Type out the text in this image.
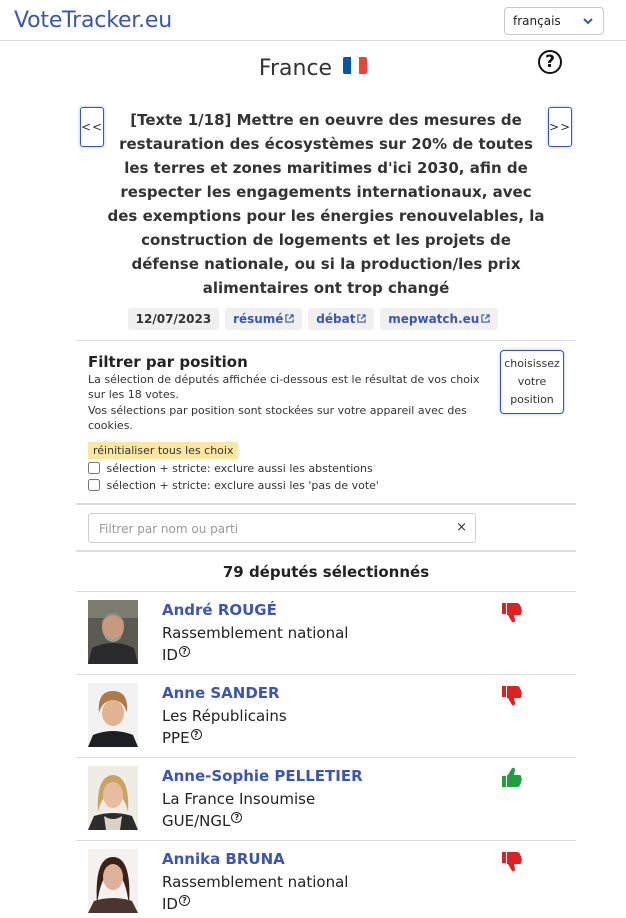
VoteTracker.eu	français
France	?
<<	[Texte 1/18] Mettre en oeuvre des mesures de restauration des écosystèmes sur 20% de toutes les terres et zones maritimes d'ici 2030, afin de respecter les engagements internationaux, avec des exemptions pour les énergies renouvelables, la construction de logements et les projets de défense nationale, ou si la production/les prix alimentaires ont trop changé
>>
12/07/2023 résumé	débat	mepwatch.eu
Filtrer par position
La sélection de députés affichée ci-dessous est le résultat de vos choix sur les 18 votes.
Vos sélections par position sont stockées sur votre appareil avec des cookies.
réinitialiser tous les choix
sélection + stricte: exclure aussi les abstentions
sélection + stricte: exclure aussi les 'pas de vote'
choisissez votre position
Filtrer par nom ou parti	×
79 députés sélectionnés
André ROUGÉ
Rassemblement national
ID ?
Anne SANDER
Les Républicains
PPE ?
Anne-Sophie PELLETIER
La France Insoumise
GUE/NGL ?
Annika BRUNA
Rassemblement national
ID ?
